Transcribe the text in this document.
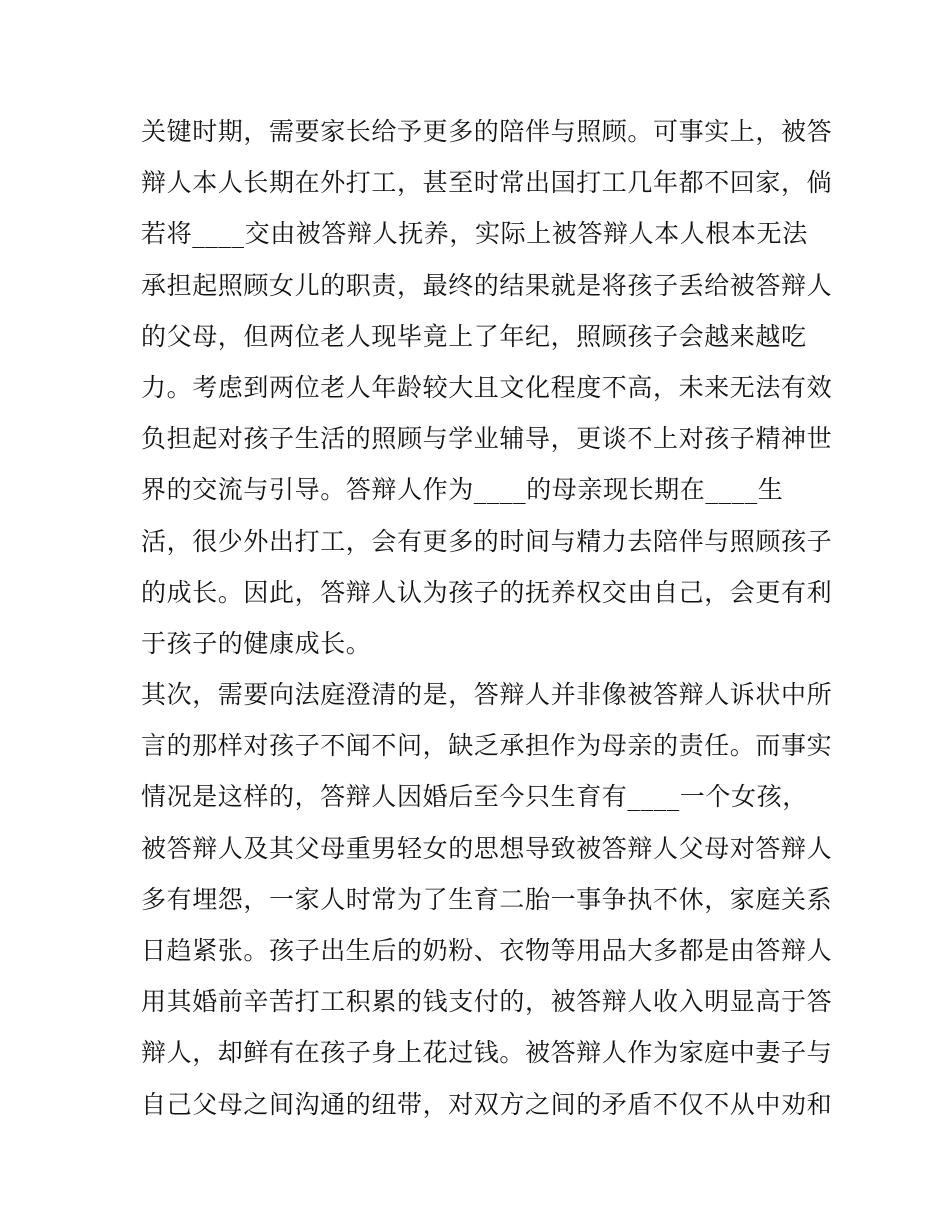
关键时期，需要家长给予更多的陪伴与照顾。可事实上，被答
辩人本人长期在外打工，甚至时常出国打工几年都不回家，倘
若将____交由被答辩人抚养，实际上被答辩人本人根本无法
承担起照顾女儿的职责，最终的结果就是将孩子丢给被答辩人
的父母，但两位老人现毕竟上了年纪，照顾孩子会越来越吃
力。考虑到两位老人年龄较大且文化程度不高，未来无法有效
负担起对孩子生活的照顾与学业辅导，更谈不上对孩子精神世
界的交流与引导。答辩人作为____的母亲现长期在____生
活，很少外出打工，会有更多的时间与精力去陪伴与照顾孩子
的成长。因此，答辩人认为孩子的抚养权交由自己，会更有利
于孩子的健康成长。
其次，需要向法庭澄清的是，答辩人并非像被答辩人诉状中所
言的那样对孩子不闻不问，缺乏承担作为母亲的责任。而事实
情况是这样的，答辩人因婚后至今只生育有____一个女孩，
被答辩人及其父母重男轻女的思想导致被答辩人父母对答辩人
多有埋怨，一家人时常为了生育二胎一事争执不休，家庭关系
日趋紧张。孩子出生后的奶粉、衣物等用品大多都是由答辩人
用其婚前辛苦打工积累的钱支付的，被答辩人收入明显高于答
辩人，却鲜有在孩子身上花过钱。被答辩人作为家庭中妻子与
自己父母之间沟通的纽带，对双方之间的矛盾不仅不从中劝和
